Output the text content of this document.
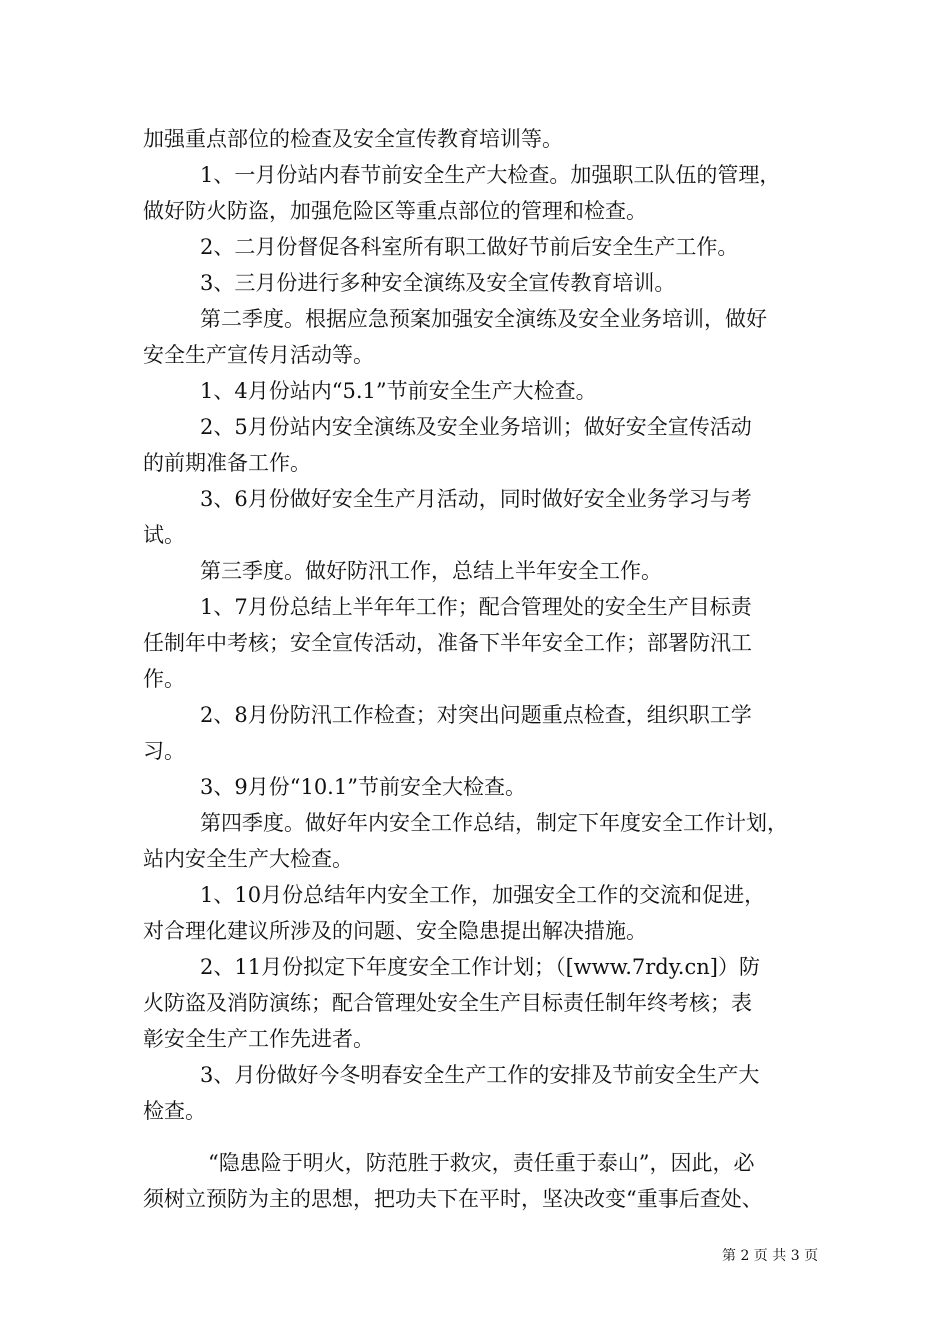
加强重点部位的检查及安全宣传教育培训等。
1、一月份站内春节前安全生产大检查。加强职工队伍的管理，
做好防火防盗，加强危险区等重点部位的管理和检查。
2、二月份督促各科室所有职工做好节前后安全生产工作。
3、三月份进行多种安全演练及安全宣传教育培训。
第二季度。根据应急预案加强安全演练及安全业务培训，做好
安全生产宣传月活动等。
1、4月份站内“5.1”节前安全生产大检查。
2、5月份站内安全演练及安全业务培训；做好安全宣传活动
的前期准备工作。
3、6月份做好安全生产月活动，同时做好安全业务学习与考
试。
第三季度。做好防汛工作，总结上半年安全工作。
1、7月份总结上半年年工作；配合管理处的安全生产目标责
任制年中考核；安全宣传活动，准备下半年安全工作；部署防汛工
作。
2、8月份防汛工作检查；对突出问题重点检查，组织职工学
习。
3、9月份“10.1”节前安全大检查。
第四季度。做好年内安全工作总结，制定下年度安全工作计划，
站内安全生产大检查。
1、10月份总结年内安全工作，加强安全工作的交流和促进，
对合理化建议所涉及的问题、安全隐患提出解决措施。
2、11月份拟定下年度安全工作计划；（[www.7rdy.cn]）防
火防盗及消防演练；配合管理处安全生产目标责任制年终考核；表
彰安全生产工作先进者。
3、月份做好今冬明春安全生产工作的安排及节前安全生产大
检查。
“隐患险于明火，防范胜于救灾，责任重于泰山”，因此，必
须树立预防为主的思想，把功夫下在平时，坚决改变“重事后查处、
第 2 页 共 3 页
